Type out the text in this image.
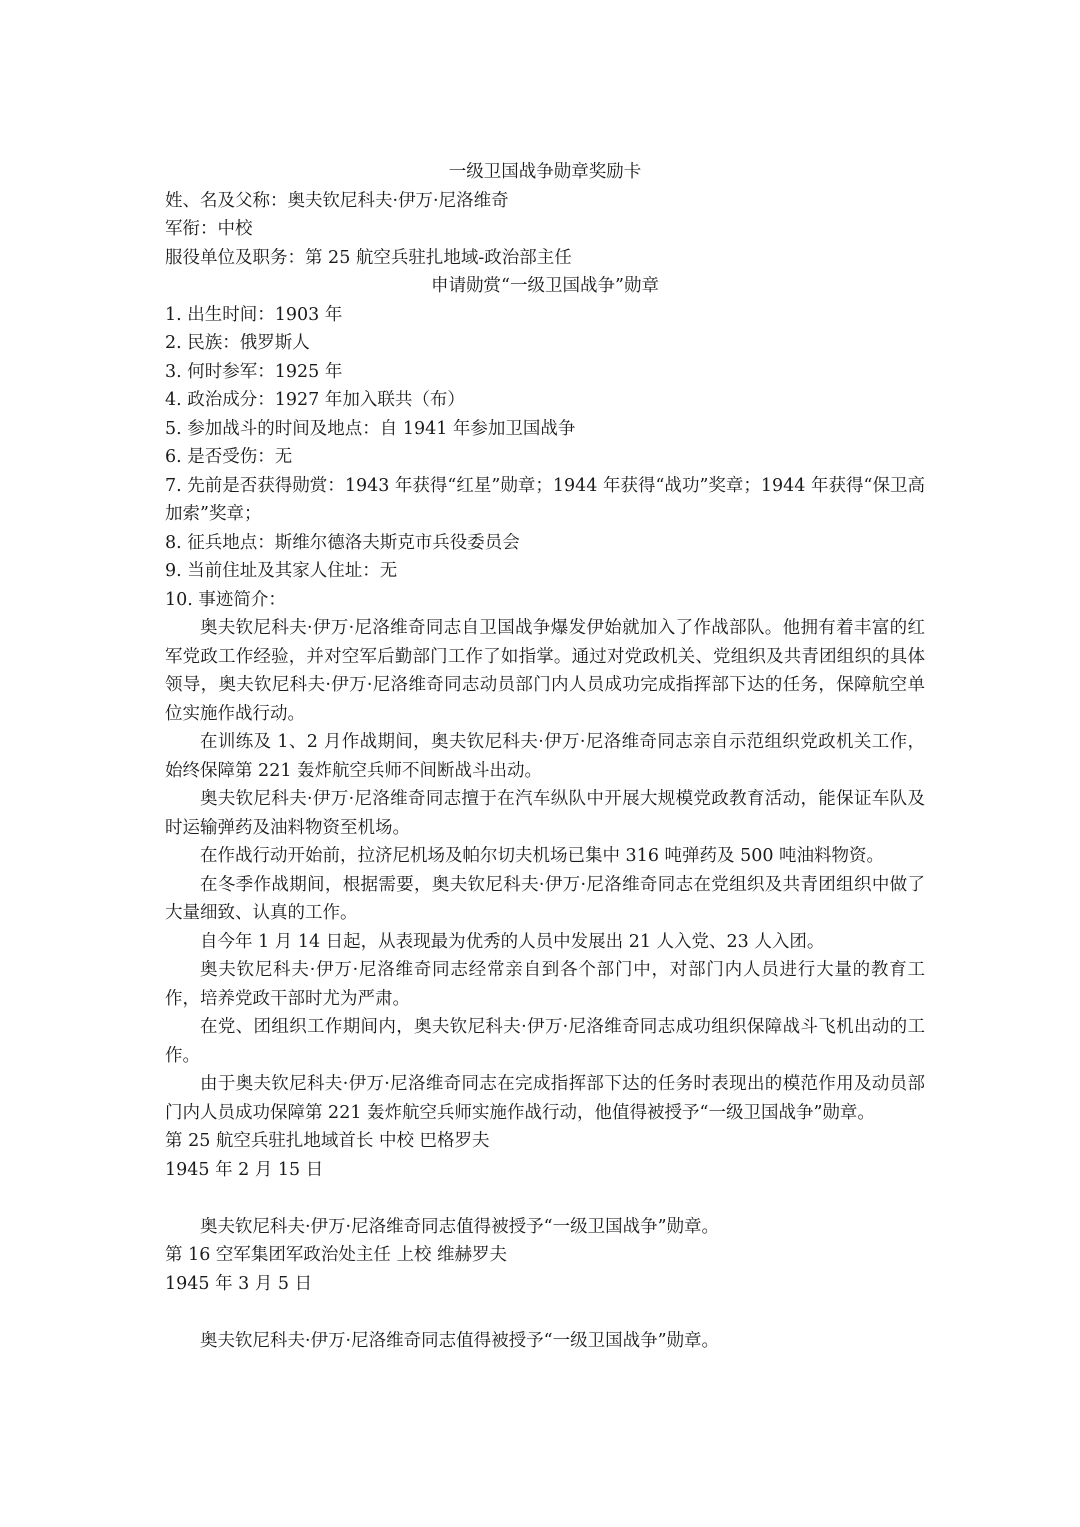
一级卫国战争勋章奖励卡

姓、名及父称：奥夫钦尼科夫·伊万·尼洛维奇

军衔：中校

服役单位及职务：第 25 航空兵驻扎地域-政治部主任

申请勋赏“一级卫国战争”勋章

1. 出生时间：1903 年

2. 民族：俄罗斯人

3. 何时参军：1925 年

4. 政治成分：1927 年加入联共（布）

5. 参加战斗的时间及地点：自 1941 年参加卫国战争

6. 是否受伤：无

7. 先前是否获得勋赏：1943 年获得“红星”勋章；1944 年获得“战功”奖章；1944 年获得“保卫高加索”奖章；

8. 征兵地点：斯维尔德洛夫斯克市兵役委员会

9. 当前住址及其家人住址：无

10. 事迹简介：

奥夫钦尼科夫·伊万·尼洛维奇同志自卫国战争爆发伊始就加入了作战部队。他拥有着丰富的红军党政工作经验，并对空军后勤部门工作了如指掌。通过对党政机关、党组织及共青团组织的具体领导，奥夫钦尼科夫·伊万·尼洛维奇同志动员部门内人员成功完成指挥部下达的任务，保障航空单位实施作战行动。

在训练及 1、2 月作战期间，奥夫钦尼科夫·伊万·尼洛维奇同志亲自示范组织党政机关工作，始终保障第 221 轰炸航空兵师不间断战斗出动。

奥夫钦尼科夫·伊万·尼洛维奇同志擅于在汽车纵队中开展大规模党政教育活动，能保证车队及时运输弹药及油料物资至机场。

在作战行动开始前，拉济尼机场及帕尔切夫机场已集中 316 吨弹药及 500 吨油料物资。

在冬季作战期间，根据需要，奥夫钦尼科夫·伊万·尼洛维奇同志在党组织及共青团组织中做了大量细致、认真的工作。

自今年 1 月 14 日起，从表现最为优秀的人员中发展出 21 人入党、23 人入团。

奥夫钦尼科夫·伊万·尼洛维奇同志经常亲自到各个部门中，对部门内人员进行大量的教育工作，培养党政干部时尤为严肃。

在党、团组织工作期间内，奥夫钦尼科夫·伊万·尼洛维奇同志成功组织保障战斗飞机出动的工作。

由于奥夫钦尼科夫·伊万·尼洛维奇同志在完成指挥部下达的任务时表现出的模范作用及动员部门内人员成功保障第 221 轰炸航空兵师实施作战行动，他值得被授予“一级卫国战争”勋章。

第 25 航空兵驻扎地域首长 中校 巴格罗夫

1945 年 2 月 15 日

奥夫钦尼科夫·伊万·尼洛维奇同志值得被授予“一级卫国战争”勋章。

第 16 空军集团军政治处主任 上校 维赫罗夫

1945 年 3 月 5 日

奥夫钦尼科夫·伊万·尼洛维奇同志值得被授予“一级卫国战争”勋章。
